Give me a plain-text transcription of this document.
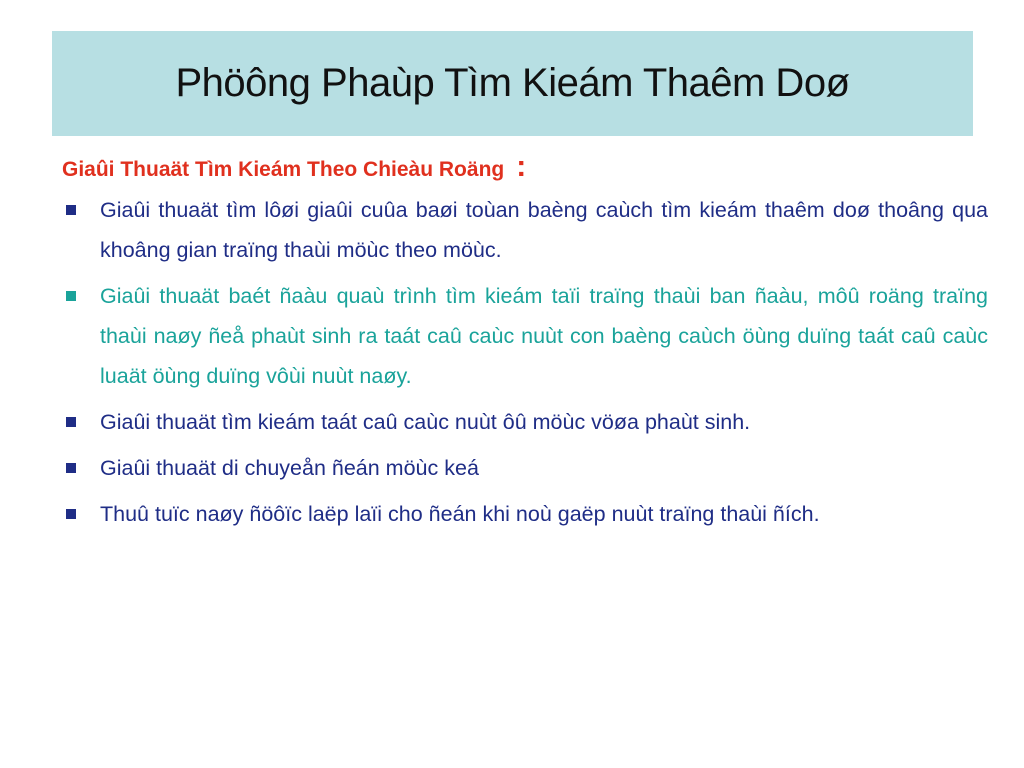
Phöông Phaùp Tìm Kieám Thaêm Doø
Giaûi Thuaät Tìm Kieám Theo Chieàu Roäng :
Giaûi thuaät tìm lôøi giaûi cuûa baøi toùan baèng caùch tìm kieám thaêm doø thoâng qua khoâng gian traïng thaùi möùc theo möùc.
Giaûi thuaät baét ñaàu quaù trình tìm kieám taïi traïng thaùi ban ñaàu, môû roäng traïng thaùi naøy ñeå phaùt sinh ra taát caû caùc nuùt con baèng caùch öùng duïng taát caû caùc luaät öùng duïng vôùi nuùt naøy.
Giaûi thuaät tìm kieám taát caû caùc nuùt ôû möùc vöøa phaùt sinh.
Giaûi thuaät di chuyeån ñeán möùc keá
Thuû tuïc naøy ñöôïc laëp laïi cho ñeán khi noù gaëp nuùt traïng thaùi ñích.
